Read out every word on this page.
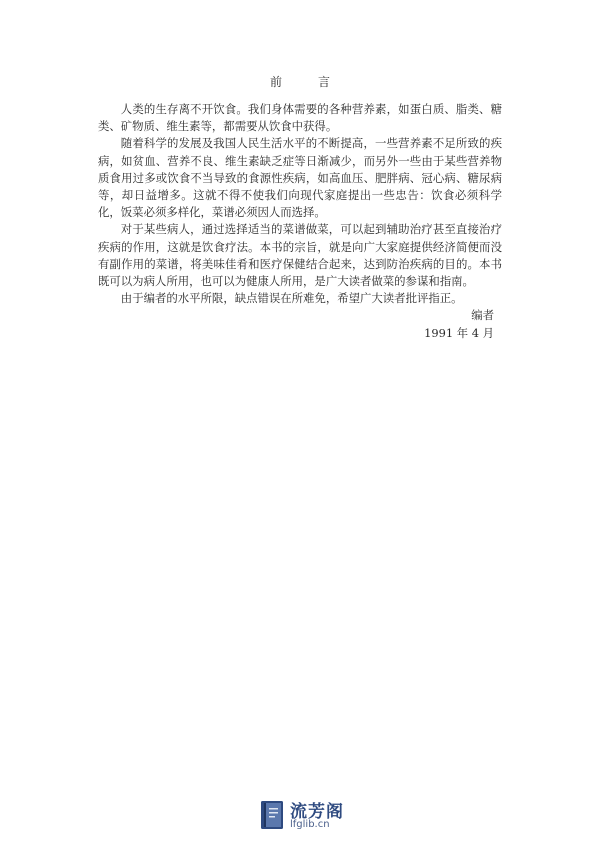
前　言

人类的生存离不开饮食。我们身体需要的各种营养素，如蛋白质、脂类、糖类、矿物质、维生素等，都需要从饮食中获得。

随着科学的发展及我国人民生活水平的不断提高，一些营养素不足所致的疾病，如贫血、营养不良、维生素缺乏症等日渐减少，而另外一些由于某些营养物质食用过多或饮食不当导致的食源性疾病，如高血压、肥胖病、冠心病、糖尿病等，却日益增多。这就不得不使我们向现代家庭提出一些忠告：饮食必须科学化，饭菜必须多样化，菜谱必须因人而选择。

对于某些病人，通过选择适当的菜谱做菜，可以起到辅助治疗甚至直接治疗疾病的作用，这就是饮食疗法。本书的宗旨，就是向广大家庭提供经济简便而没有副作用的菜谱，将美味佳肴和医疗保健结合起来，达到防治疾病的目的。本书既可以为病人所用，也可以为健康人所用，是广大读者做菜的参谋和指南。

由于编者的水平所限，缺点错误在所难免，希望广大读者批评指正。

编者
1991 年 4 月
流芳阁
lfglib.cn
